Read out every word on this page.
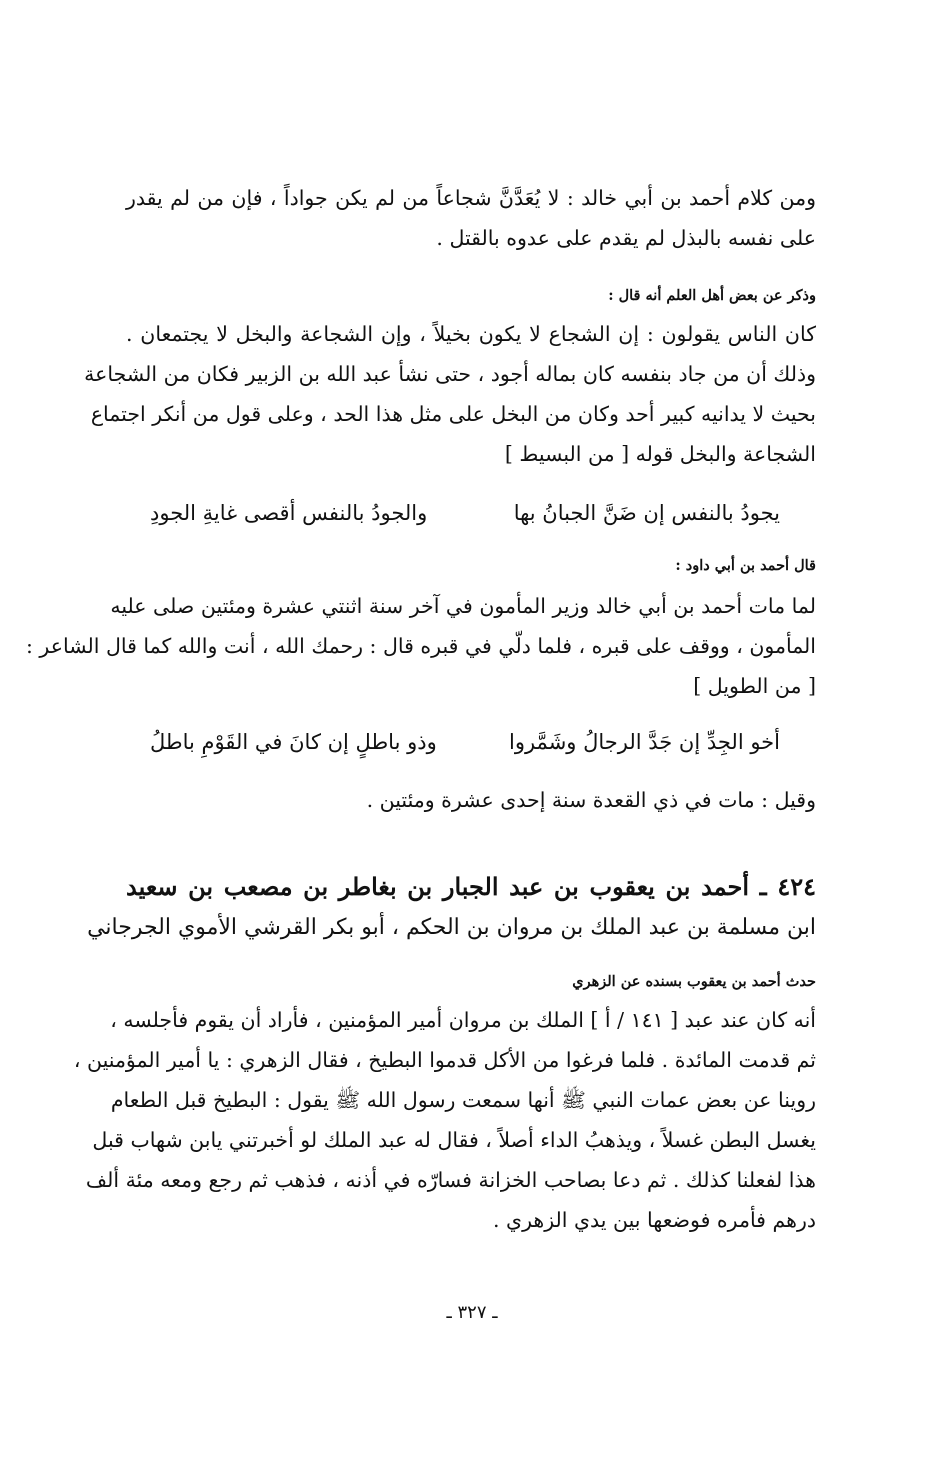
ومن كلام أحمد بن أبي خالد : لا يُعَدَّنَّ شجاعاً من لم يكن جواداً ، فإن من لم يقدر
على نفسه بالبذل لم يقدم على عدوه بالقتل .
وذكر عن بعض أهل العلم أنه قال :
كان الناس يقولون : إن الشجاع لا يكون بخيلاً ، وإن الشجاعة والبخل لا يجتمعان .
وذلك أن من جاد بنفسه كان بماله أجود ، حتى نشأ عبد الله بن الزبير فكان من الشجاعة
بحيث لا يدانيه كبير أحد وكان من البخل على مثل هذا الحد ، وعلى قول من أنكر اجتماع
الشجاعة والبخل قوله [ من البسيط ]
يجودُ بالنفس إن ضَنَّ الجبانُ بها
والجودُ بالنفس أقصى غايةِ الجودِ
قال أحمد بن أبي داود :
لما مات أحمد بن أبي خالد وزير المأمون في آخر سنة اثنتي عشرة ومئتين صلى عليه
المأمون ، ووقف على قبره ، فلما دلّي في قبره قال : رحمك الله ، أنت والله كما قال الشاعر :
[ من الطويل ]
أخو الجِدِّ إن جَدَّ الرجالُ وشَمَّروا
وذو باطلٍ إن كانَ في القَوْمِ باطلُ
وقيل : مات في ذي القعدة سنة إحدى عشرة ومئتين .
٤٢٤ ـ أحمد بن يعقوب بن عبد الجبار بن بغاطر بن مصعب بن سعيد
ابن مسلمة بن عبد الملك بن مروان بن الحكم ، أبو بكر القرشي الأموي الجرجاني
حدث أحمد بن يعقوب بسنده عن الزهري
أنه كان عند عبد [ ١٤١ / أ ] الملك بن مروان أمير المؤمنين ، فأراد أن يقوم فأجلسه ،
ثم قدمت المائدة . فلما فرغوا من الأكل قدموا البطيخ ، فقال الزهري : يا أمير المؤمنين ،
روينا عن بعض عمات النبي ﷺ أنها سمعت رسول الله ﷺ يقول : البطيخ قبل الطعام
يغسل البطن غسلاً ، ويذهبُ الداء أصلاً ، فقال له عبد الملك لو أخبرتني يابن شهاب قبل
هذا لفعلنا كذلك . ثم دعا بصاحب الخزانة فسارّه في أذنه ، فذهب ثم رجع ومعه مئة ألف
درهم فأمره فوضعها بين يدي الزهري .
ـ ٣٢٧ ـ
